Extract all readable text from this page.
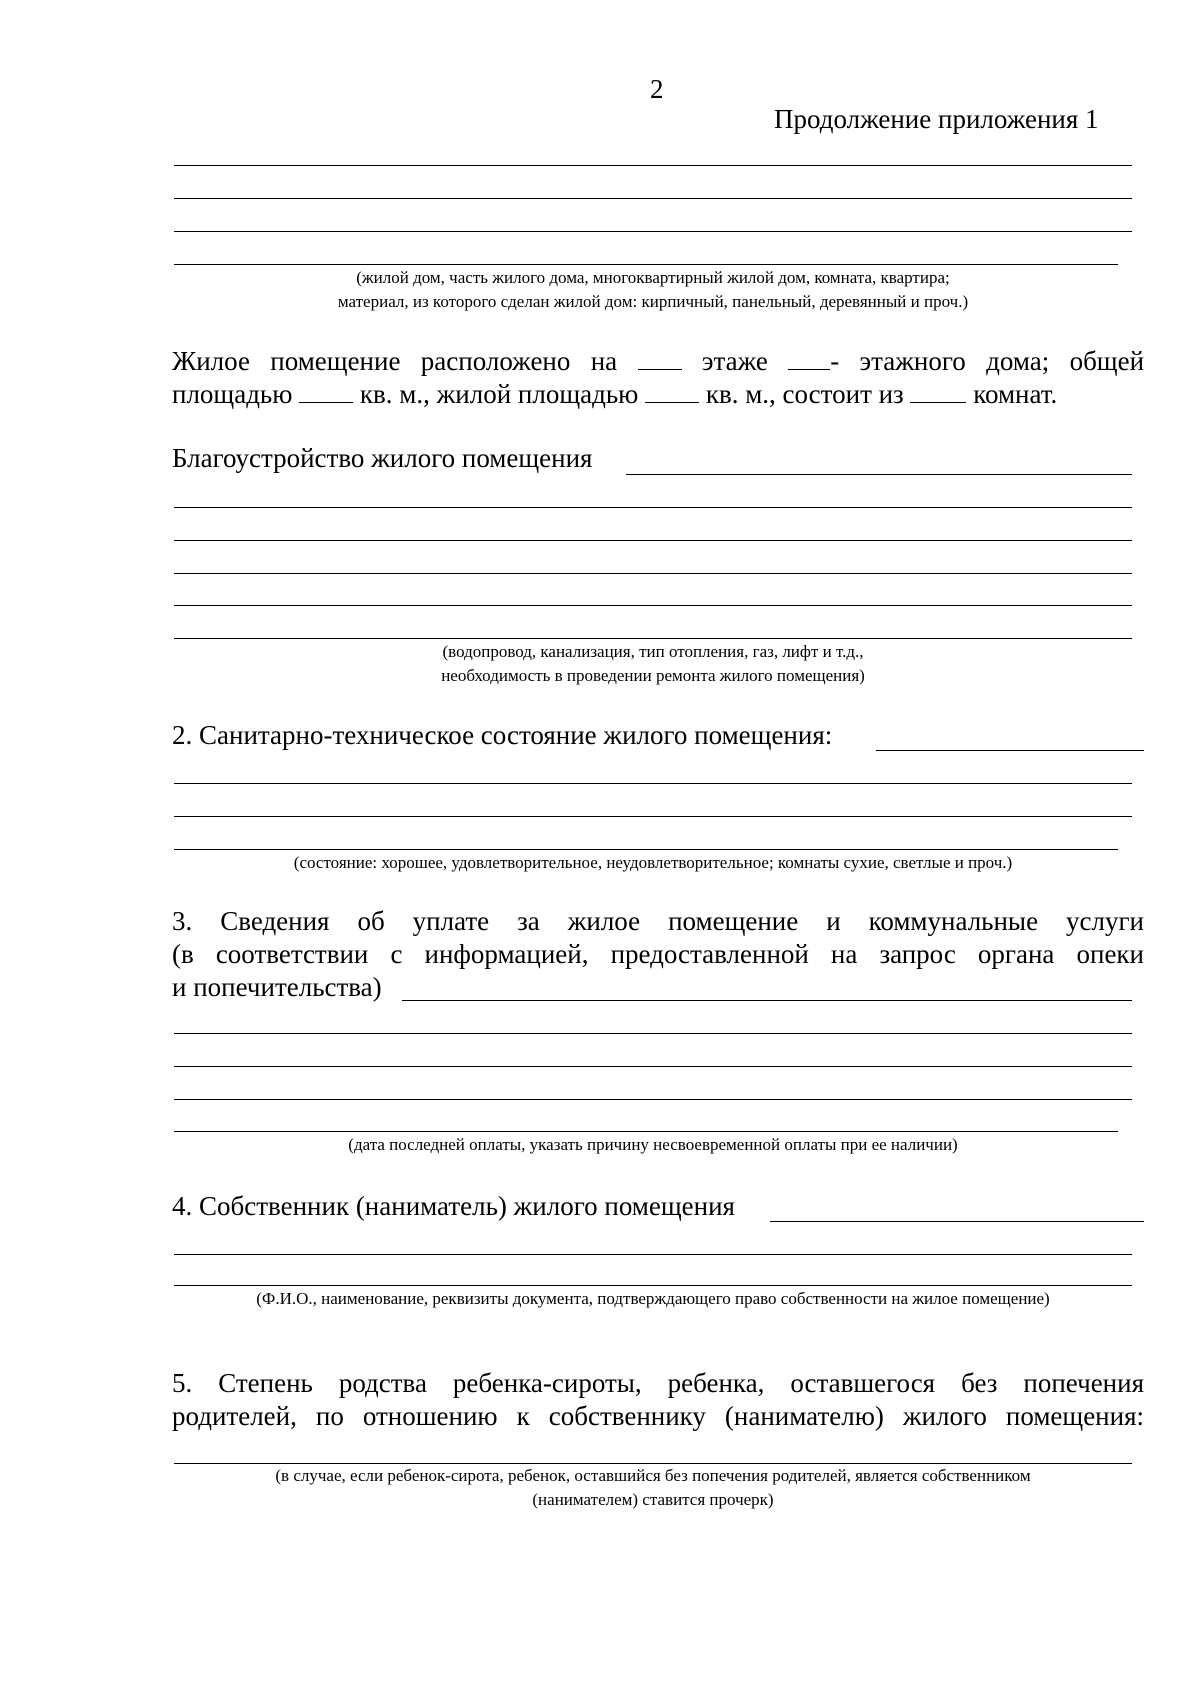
2
Продолжение приложения 1
(жилой дом, часть жилого дома, многоквартирный жилой дом, комната, квартира;
материал, из которого сделан жилой дом: кирпичный, панельный, деревянный и проч.)
Жилое помещение расположено на	этаже - этажного дома; общей
площадью	кв. м., жилой площадью	кв. м., состоит из	комнат.
Благоустройство жилого помещения
(водопровод, канализация, тип отопления, газ, лифт и т.д.,
необходимость в проведении ремонта жилого помещения)
2. Санитарно-техническое состояние жилого помещения:
(состояние: хорошее, удовлетворительное, неудовлетворительное; комнаты сухие, светлые и проч.)
3. Сведения об уплате за жилое помещение и коммунальные услуги
(в соответствии с информацией, предоставленной на запрос органа опеки
и попечительства)
(дата последней оплаты, указать причину несвоевременной оплаты при ее наличии)
4. Собственник (наниматель) жилого помещения
(Ф.И.О., наименование, реквизиты документа, подтверждающего право собственности на жилое помещение)
5. Степень родства ребенка-сироты, ребенка, оставшегося без попечения
родителей, по отношению к собственнику (нанимателю) жилого помещения:
(в случае, если ребенок-сирота, ребенок, оставшийся без попечения родителей, является собственником
(нанимателем) ставится прочерк)
